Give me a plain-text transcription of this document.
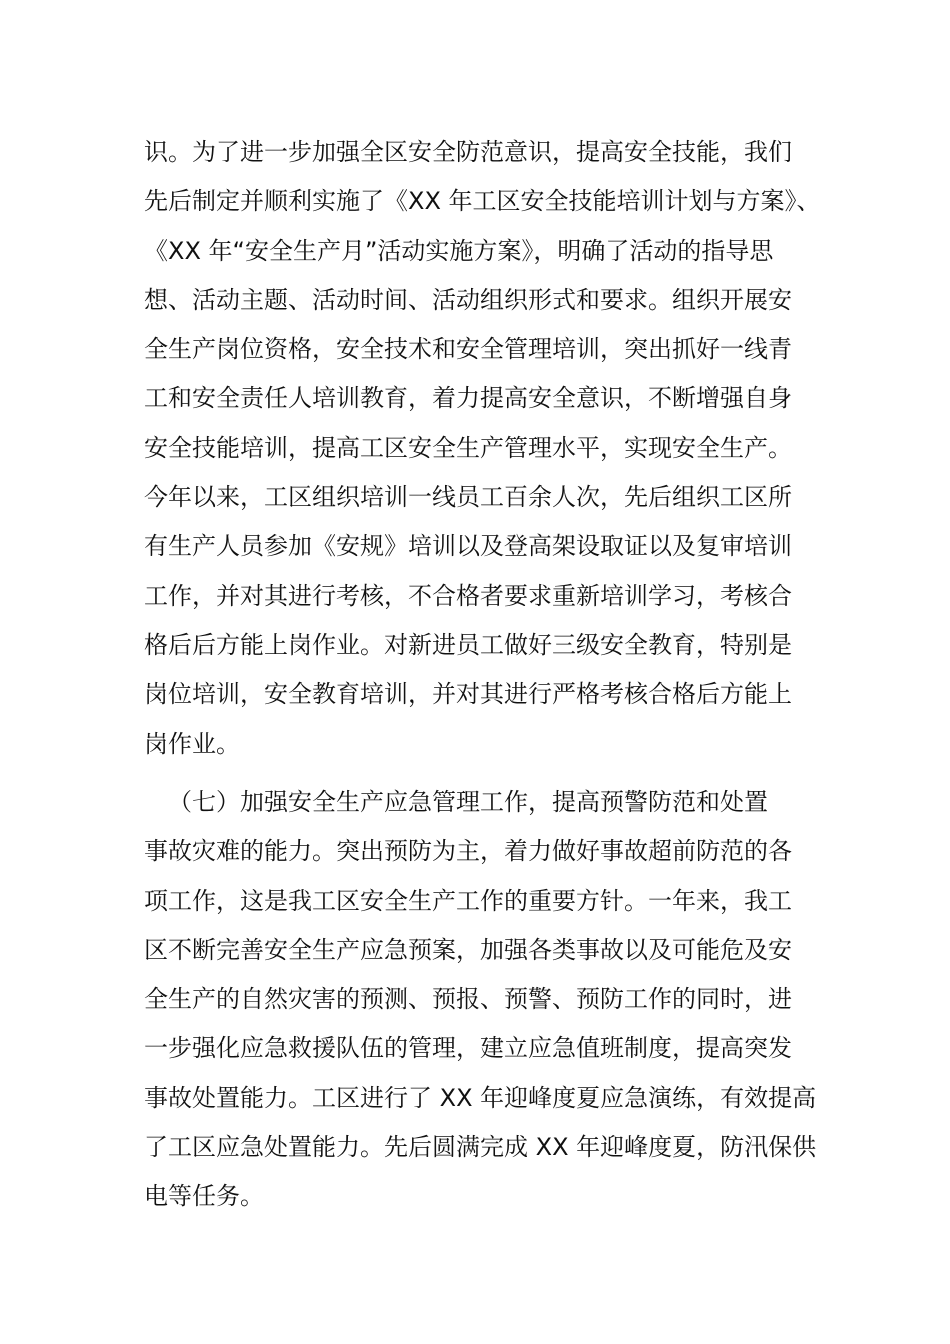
识。为了进一步加强全区安全防范意识，提高安全技能，我们
先后制定并顺利实施了《XX 年工区安全技能培训计划与方案》、
《XX 年“安全生产月”活动实施方案》，明确了活动的指导思
想、活动主题、活动时间、活动组织形式和要求。组织开展安
全生产岗位资格，安全技术和安全管理培训，突出抓好一线青
工和安全责任人培训教育，着力提高安全意识，不断增强自身
安全技能培训，提高工区安全生产管理水平，实现安全生产。
今年以来，工区组织培训一线员工百余人次，先后组织工区所
有生产人员参加《安规》培训以及登高架设取证以及复审培训
工作，并对其进行考核，不合格者要求重新培训学习，考核合
格后后方能上岗作业。对新进员工做好三级安全教育，特别是
岗位培训，安全教育培训，并对其进行严格考核合格后方能上
岗作业。
（七）加强安全生产应急管理工作，提高预警防范和处置
事故灾难的能力。突出预防为主，着力做好事故超前防范的各
项工作，这是我工区安全生产工作的重要方针。一年来，我工
区不断完善安全生产应急预案，加强各类事故以及可能危及安
全生产的自然灾害的预测、预报、预警、预防工作的同时，进
一步强化应急救援队伍的管理，建立应急值班制度，提高突发
事故处置能力。工区进行了 XX 年迎峰度夏应急演练，有效提高
了工区应急处置能力。先后圆满完成 XX 年迎峰度夏，防汛保供
电等任务。
